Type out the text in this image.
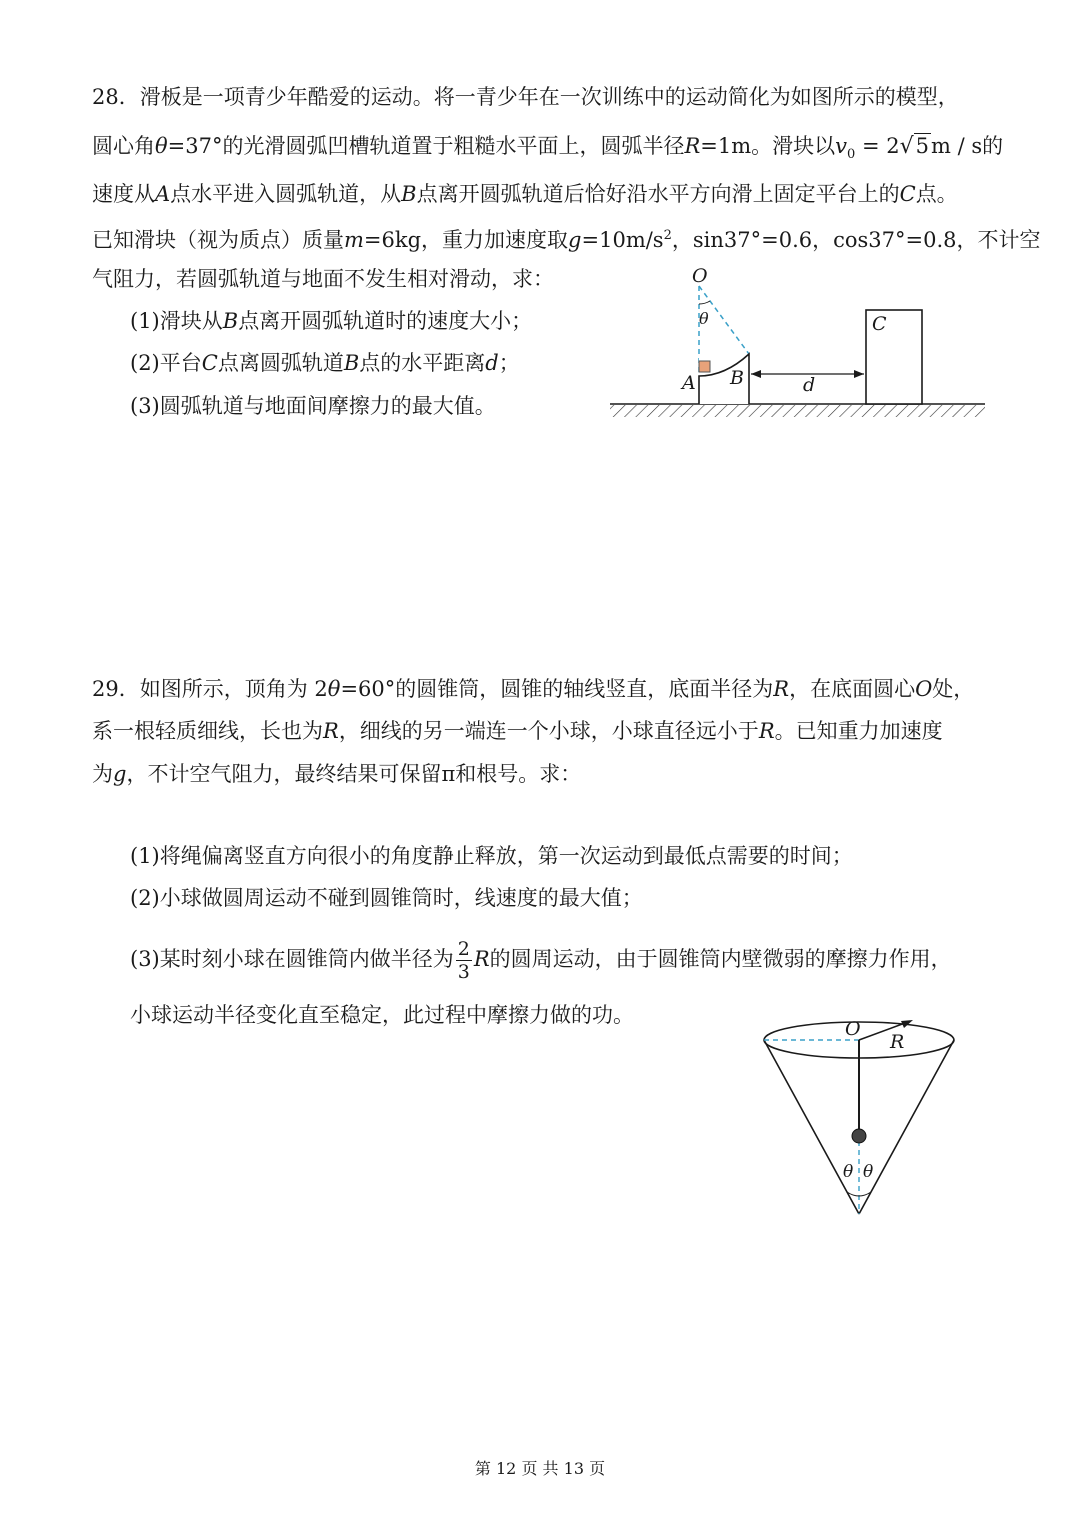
28．滑板是一项青少年酷爱的运动。将一青少年在一次训练中的运动简化为如图所示的模型，
圆心角θ=37°的光滑圆弧凹槽轨道置于粗糙水平面上，圆弧半径R=1m。滑块以$v_0 = 2√5m / s$的
速度从A点水平进入圆弧轨道，从B点离开圆弧轨道后恰好沿水平方向滑上固定平台上的C点。
已知滑块（视为质点）质量m=6kg，重力加速度取$g=10m/s^2$，sin37°=0.6，cos37°=0.8，不计空
气阻力，若圆弧轨道与地面不发生相对滑动，求：
(1)滑块从B点离开圆弧轨道时的速度大小；
(2)平台C点离圆弧轨道B点的水平距离d；
(3)圆弧轨道与地面间摩擦力的最大值。
O
θ
A B
C
d
29．如图所示，顶角为 2θ=60°的圆锥筒，圆锥的轴线竖直，底面半径为R，在底面圆心O处，
系一根轻质细线，长也为R，细线的另一端连一个小球，小球直径远小于R。已知重力加速度
为g，不计空气阻力，最终结果可保留π和根号。求：
(1)将绳偏离竖直方向很小的角度静止释放，第一次运动到最低点需要的时间；
(2)小球做圆周运动不碰到圆锥筒时，线速度的最大值；
(3)某时刻小球在圆锥筒内做半径为 $\frac{2}{3}$ R的圆周运动，由于圆锥筒内壁微弱的摩擦力作用，
小球运动半径变化直至稳定，此过程中摩擦力做的功。
O
R
θ θ
第 12 页 共 13 页
